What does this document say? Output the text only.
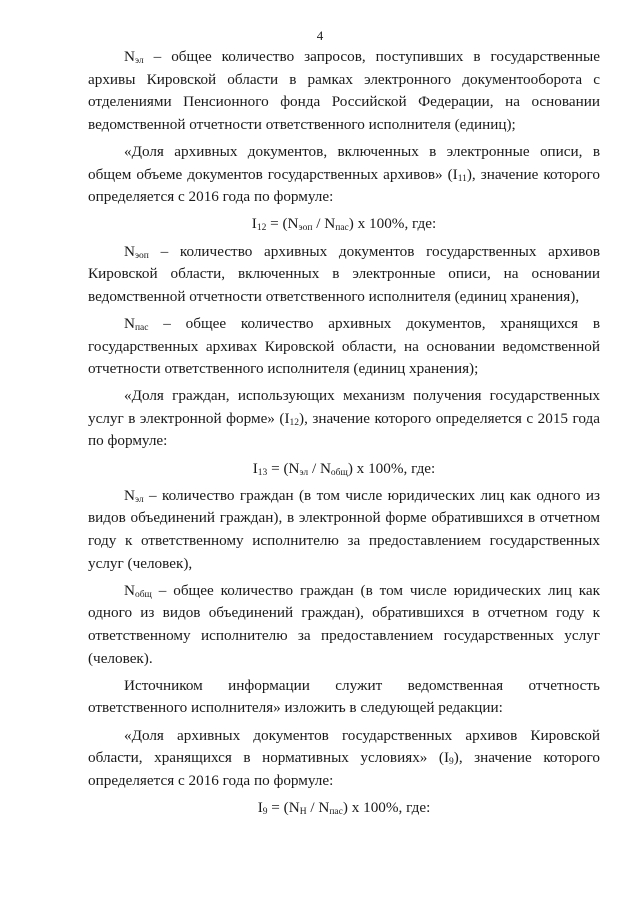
4

$N_{эл}$ – общее количество запросов, поступивших в государственные архивы Кировской области в рамках электронного документооборота с отделениями Пенсионного фонда Российской Федерации, на основании ведомственной отчетности ответственного исполнителя (единиц);

«Доля архивных документов, включенных в электронные описи, в общем объеме документов государственных архивов» $(I_{11})$, значение которого определяется с 2016 года по формуле:

$I_{12} = (N_{эоп} / N_{пас})$ x 100%, где:

$N_{эоп}$ – количество архивных документов государственных архивов Кировской области, включенных в электронные описи, на основании ведомственной отчетности ответственного исполнителя (единиц хранения),

$N_{пас}$ – общее количество архивных документов, хранящихся в государственных архивах Кировской области, на основании ведомственной отчетности ответственного исполнителя (единиц хранения);

«Доля граждан, использующих механизм получения государственных услуг в электронной форме» $(I_{12})$, значение которого определяется с 2015 года по формуле:

$I_{13} = (N_{эл} / N_{общ})$ x 100%, где:

$N_{эл}$ – количество граждан (в том числе юридических лиц как одного из видов объединений граждан), в электронной форме обратившихся в отчетном году к ответственному исполнителю за предоставлением государственных услуг (человек),

$N_{общ}$ – общее количество граждан (в том числе юридических лиц как одного из видов объединений граждан), обратившихся в отчетном году к ответственному исполнителю за предоставлением государственных услуг (человек).

Источником информации служит ведомственная отчетность ответственного исполнителя» изложить в следующей редакции:

«Доля архивных документов государственных архивов Кировской области, хранящихся в нормативных условиях» $(I_9)$, значение которого определяется с 2016 года по формуле:

$I_9 = (N_Н / N_{пас})$ x 100%, где:
